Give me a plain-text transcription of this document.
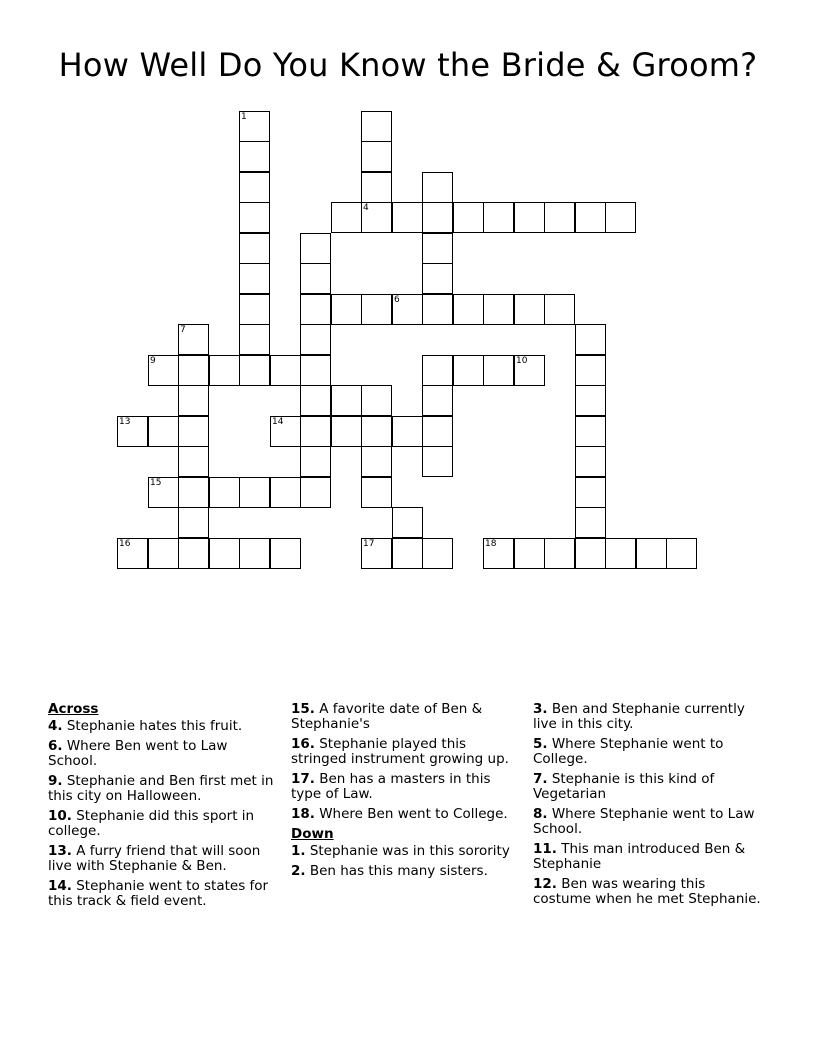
How Well Do You Know the Bride & Groom?
1
4
6
7
9	10
13	14
15
16	17	18
Across
4. Stephanie hates this fruit.
6. Where Ben went to Law School.
9. Stephanie and Ben first met in this city on Halloween.
10. Stephanie did this sport in college.
13. A furry friend that will soon live with Stephanie & Ben.
14. Stephanie went to states for this track & field event.
15. A favorite date of Ben & Stephanie's
16. Stephanie played this stringed instrument growing up.
17. Ben has a masters in this type of Law.
18. Where Ben went to College.
Down
1. Stephanie was in this sorority
2. Ben has this many sisters.
3. Ben and Stephanie currently live in this city.
5. Where Stephanie went to College.
7. Stephanie is this kind of Vegetarian
8. Where Stephanie went to Law School.
11. This man introduced Ben & Stephanie
12. Ben was wearing this costume when he met Stephanie.
